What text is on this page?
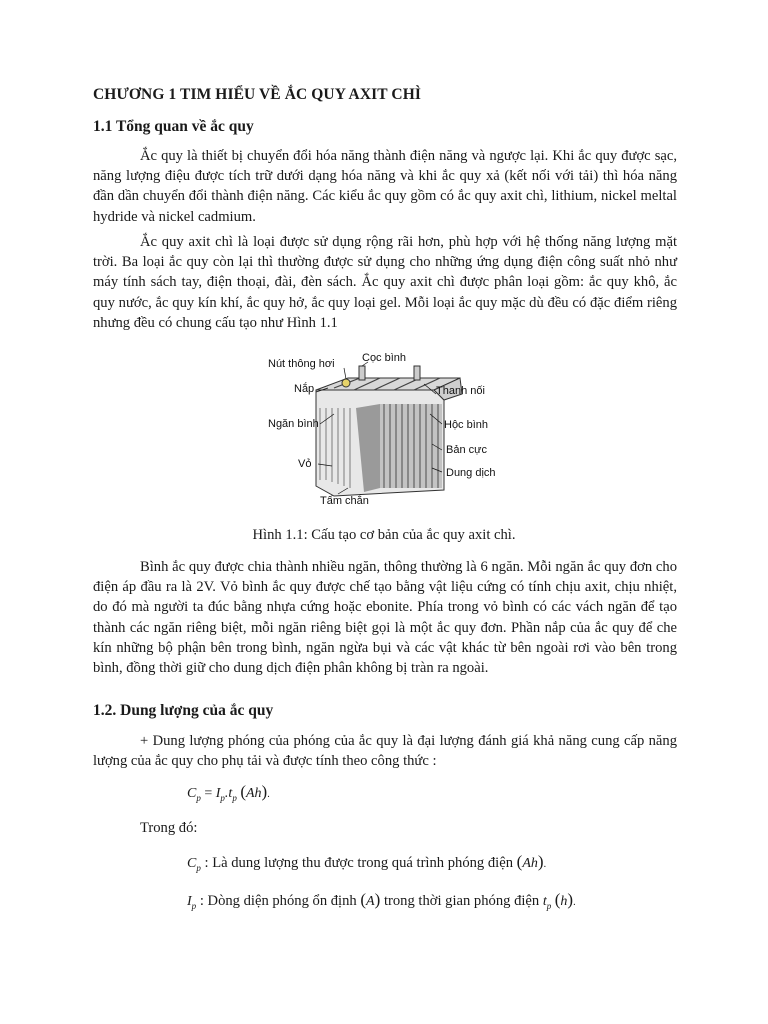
CHƯƠNG 1 TIM HIỂU VỀ ẮC QUY AXIT CHÌ
1.1 Tổng quan về ắc quy

Ắc quy là thiết bị chuyển đổi hóa năng thành điện năng và ngược lại. Khi ắc quy được sạc, năng lượng điệu được tích trữ dưới dạng hóa năng và khi ắc quy xả (kết nối với tải) thì hóa năng đần dần chuyển đổi thành điện năng. Các kiểu ắc quy gồm có ắc quy axit chì, lithium, nickel meltal hydride và nickel cadmium.

Ắc quy axit chì là loại được sử dụng rộng rãi hơn, phù hợp với hệ thống năng lượng mặt trời. Ba loại ắc quy còn lại thì thường được sử dụng cho những ứng dụng điện công suất nhỏ như máy tính sách tay, điện thoại, đài, đèn sách. Ắc quy axit chì được phân loại gồm: ắc quy khô, ắc quy nước, ắc quy kín khí, ắc quy hở, ắc quy loại gel. Mỗi loại ắc quy mặc dù đều có đặc điểm riêng nhưng đều có chung cấu tạo như Hình 1.1

Nút thông hơi Cọc bình
Nắp	Thanh nối
Ngăn bình	Hộc bình
Bản cực
Vỏ
Dung dịch
Tấm chắn
Hình 1.1: Cấu tạo cơ bản của ắc quy axit chì.

Bình ắc quy được chia thành nhiều ngăn, thông thường là 6 ngăn. Mỗi ngăn ắc quy đơn cho điện áp đầu ra là 2V. Vỏ bình ắc quy được chế tạo bằng vật liệu cứng có tính chịu axit, chịu nhiệt, do đó mà người ta đúc bằng nhựa cứng hoặc ebonite. Phía trong vỏ bình có các vách ngăn để tạo thành các ngăn riêng biệt, mỗi ngăn riêng biệt gọi là một ắc quy đơn. Phần nắp của ắc quy để che kín những bộ phận bên trong bình, ngăn ngừa bụi và các vật khác từ bên ngoài rơi vào bên trong bình, đồng thời giữ cho dung dịch điện phân không bị tràn ra ngoài.

1.2. Dung lượng của ắc quy

+ Dung lượng phóng của phóng của ắc quy là đại lượng đánh giá khả năng cung cấp năng lượng của ắc quy cho phụ tải và được tính theo công thức :

$C_p = I_p.t_p$ (Ah).
Trong đó:
$C_p$ : Là dung lượng thu được trong quá trình phóng điện (Ah).
$I_p$ : Dòng diện phóng ổn định (A) trong thời gian phóng điện $t_p$ (h).
